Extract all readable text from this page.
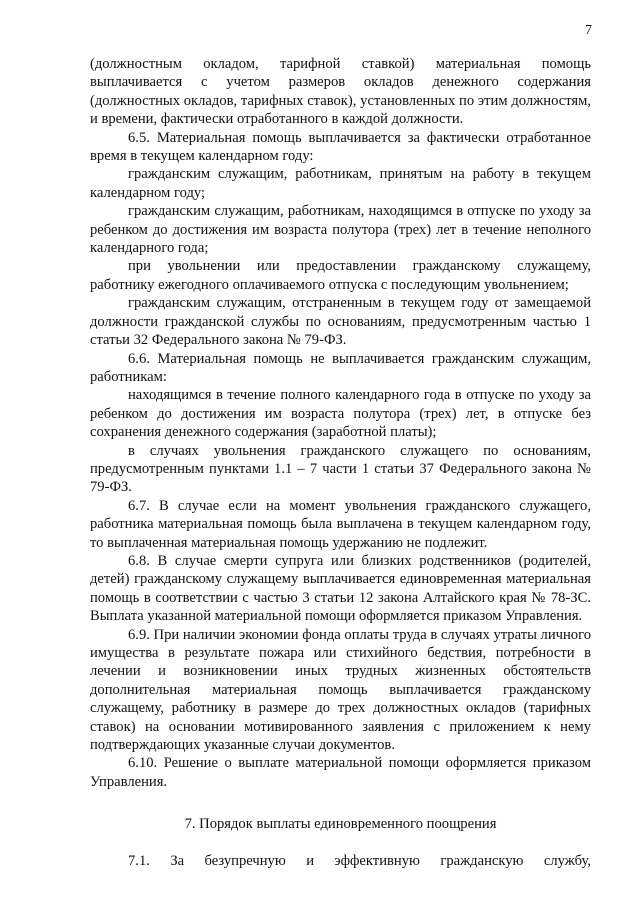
7

(должностным окладом, тарифной ставкой) материальная помощь выплачивается с учетом размеров окладов денежного содержания (должностных окладов, тарифных ставок), установленных по этим должностям, и времени, фактически отработанного в каждой должности.

6.5. Материальная помощь выплачивается за фактически отработанное время в текущем календарном году:

гражданским служащим, работникам, принятым на работу в текущем календарном году;

гражданским служащим, работникам, находящимся в отпуске по уходу за ребенком до достижения им возраста полутора (трех) лет в течение неполного календарного года;

при увольнении или предоставлении гражданскому служащему, работнику ежегодного оплачиваемого отпуска с последующим увольнением;

гражданским служащим, отстраненным в текущем году от замещаемой должности гражданской службы по основаниям, предусмотренным частью 1 статьи 32 Федерального закона № 79-ФЗ.

6.6. Материальная помощь не выплачивается гражданским служащим, работникам:

находящимся в течение полного календарного года в отпуске по уходу за ребенком до достижения им возраста полутора (трех) лет, в отпуске без сохранения денежного содержания (заработной платы);

в случаях увольнения гражданского служащего по основаниям, предусмотренным пунктами 1.1 – 7 части 1 статьи 37 Федерального закона № 79-ФЗ.

6.7. В случае если на момент увольнения гражданского служащего, работника материальная помощь была выплачена в текущем календарном году, то выплаченная материальная помощь удержанию не подлежит.

6.8. В случае смерти супруга или близких родственников (родителей, детей) гражданскому служащему выплачивается единовременная материальная помощь в соответствии с частью 3 статьи 12 закона Алтайского края № 78-ЗС. Выплата указанной материальной помощи оформляется приказом Управления.

6.9. При наличии экономии фонда оплаты труда в случаях утраты личного имущества в результате пожара или стихийного бедствия, потребности в лечении и возникновении иных трудных жизненных обстоятельств дополнительная материальная помощь выплачивается гражданскому служащему, работнику в размере до трех должностных окладов (тарифных ставок) на основании мотивированного заявления с приложением к нему подтверждающих указанные случаи документов.

6.10. Решение о выплате материальной помощи оформляется приказом Управления.

7. Порядок выплаты единовременного поощрения

7.1. За безупречную и эффективную гражданскую службу,
